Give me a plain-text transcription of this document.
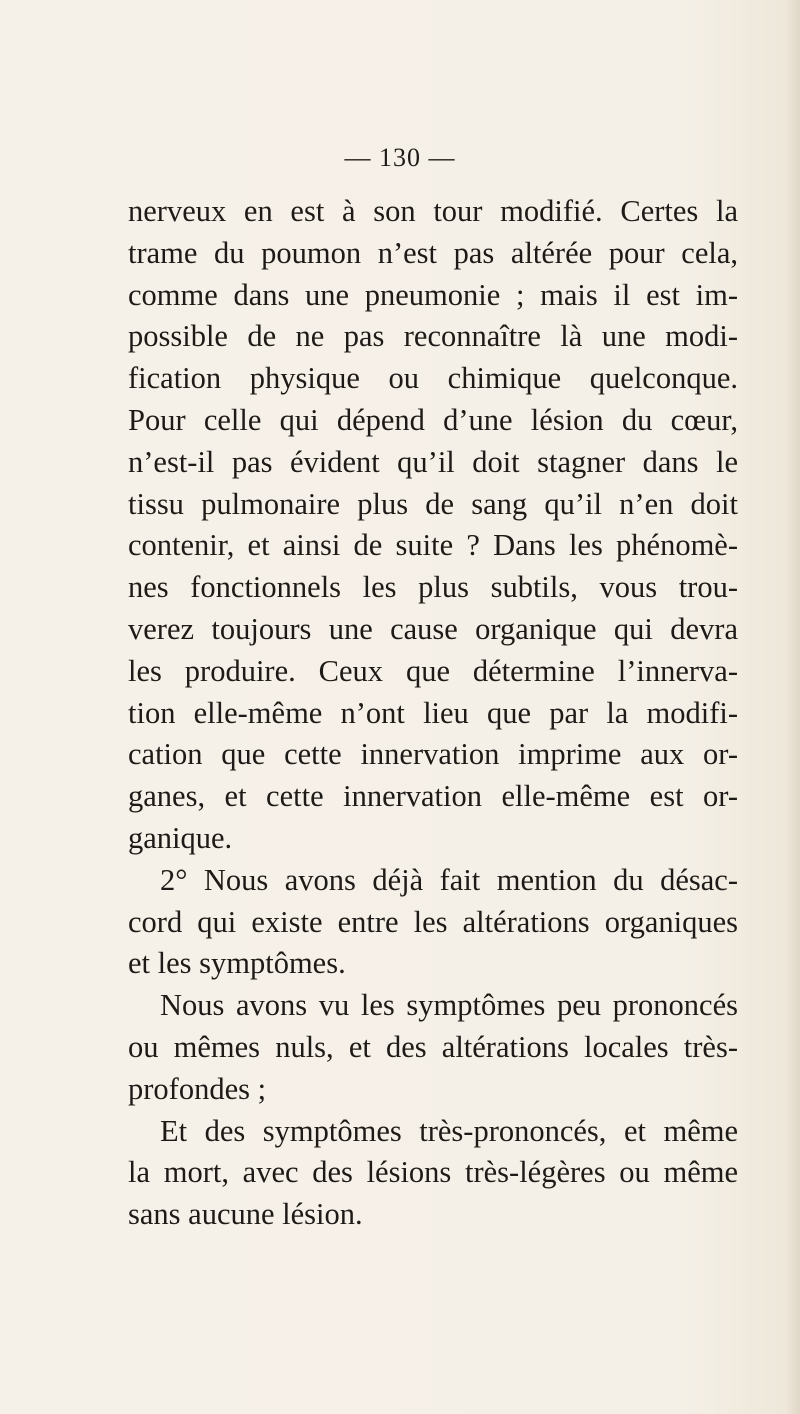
— 130 —
nerveux en est à son tour modifié. Certes la
trame du poumon n’est pas altérée pour cela,
comme dans une pneumonie ; mais il est im-
possible de ne pas reconnaître là une modi-
fication physique ou chimique quelconque.
Pour celle qui dépend d’une lésion du cœur,
n’est-il pas évident qu’il doit stagner dans le
tissu pulmonaire plus de sang qu’il n’en doit
contenir, et ainsi de suite ? Dans les phénomè-
nes fonctionnels les plus subtils, vous trou-
verez toujours une cause organique qui devra
les produire. Ceux que détermine l’innerva-
tion elle-même n’ont lieu que par la modifi-
cation que cette innervation imprime aux or-
ganes, et cette innervation elle-même est or-
ganique.
2° Nous avons déjà fait mention du désac-
cord qui existe entre les altérations organiques
et les symptômes.
Nous avons vu les symptômes peu prononcés
ou mêmes nuls, et des altérations locales très-
profondes ;
Et des symptômes très-prononcés, et même
la mort, avec des lésions très-légères ou même
sans aucune lésion.
